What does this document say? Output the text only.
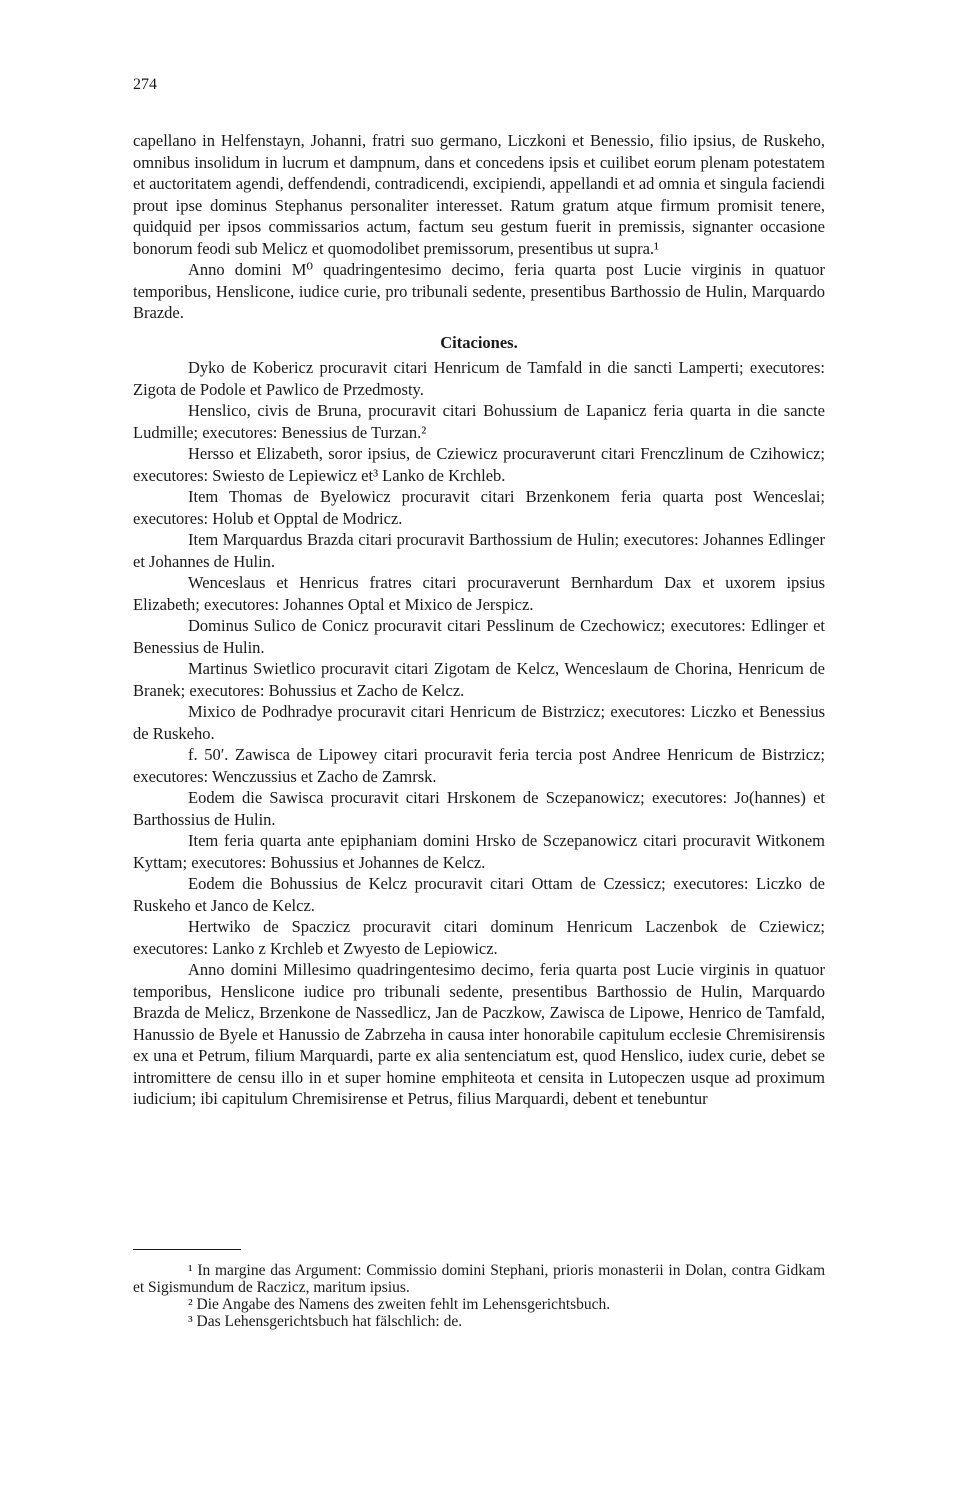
274

capellano in Helfenstayn, Johanni, fratri suo germano, Liczkoni et Benessio, filio ipsius, de Ruskeho, omnibus insolidum in lucrum et dampnum, dans et concedens ipsis et cuilibet eorum plenam potestatem et auctoritatem agendi, deffendendi, contradicendi, excipiendi, appellandi et ad omnia et singula faciendi prout ipse dominus Stephanus personaliter interesset. Ratum gratum atque firmum promisit tenere, quidquid per ipsos commissarios actum, factum seu gestum fuerit in premissis, signanter occasione bonorum feodi sub Melicz et quomodolibet premissorum, presentibus ut supra.¹

Anno domini M⁰ quadringentesimo decimo, feria quarta post Lucie virginis in quatuor temporibus, Henslicone, iudice curie, pro tribunali sedente, presentibus Barthossio de Hulin, Marquardo Brazde.

Citaciones.

Dyko de Kobericz procuravit citari Henricum de Tamfald in die sancti Lamperti; executores: Zigota de Podole et Pawlico de Przedmosty.

Henslico, civis de Bruna, procuravit citari Bohussium de Lapanicz feria quarta in die sancte Ludmille; executores: Benessius de Turzan.²

Hersso et Elizabeth, soror ipsius, de Cziewicz procuraverunt citari Frenczlinum de Czihowicz; executores: Swiesto de Lepiewicz et³ Lanko de Krchleb.

Item Thomas de Byelowicz procuravit citari Brzenkonem feria quarta post Wenceslai; executores: Holub et Opptal de Modricz.

Item Marquardus Brazda citari procuravit Barthossium de Hulin; executores: Johannes Edlinger et Johannes de Hulin.

Wenceslaus et Henricus fratres citari procuraverunt Bernhardum Dax et uxorem ipsius Elizabeth; executores: Johannes Optal et Mixico de Jerspicz.

Dominus Sulico de Conicz procuravit citari Pesslinum de Czechowicz; executores: Edlinger et Benessius de Hulin.

Martinus Swietlico procuravit citari Zigotam de Kelcz, Wenceslaum de Chorina, Henricum de Branek; executores: Bohussius et Zacho de Kelcz.

Mixico de Podhradye procuravit citari Henricum de Bistrzicz; executores: Liczko et Benessius de Ruskeho.

f. 50ʹ. Zawisca de Lipowey citari procuravit feria tercia post Andree Henricum de Bistrzicz; executores: Wenczussius et Zacho de Zamrsk.

Eodem die Sawisca procuravit citari Hrskonem de Sczepanowicz; executores: Jo(hannes) et Barthossius de Hulin.

Item feria quarta ante epiphaniam domini Hrsko de Sczepanowicz citari procuravit Witkonem Kyttam; executores: Bohussius et Johannes de Kelcz.

Eodem die Bohussius de Kelcz procuravit citari Ottam de Czessicz; executores: Liczko de Ruskeho et Janco de Kelcz.

Hertwiko de Spaczicz procuravit citari dominum Henricum Laczenbok de Cziewicz; executores: Lanko z Krchleb et Zwyesto de Lepiowicz.

Anno domini Millesimo quadringentesimo decimo, feria quarta post Lucie virginis in quatuor temporibus, Henslicone iudice pro tribunali sedente, presentibus Barthossio de Hulin, Marquardo Brazda de Melicz, Brzenkone de Nassedlicz, Jan de Paczkow, Zawisca de Lipowe, Henrico de Tamfald, Hanussio de Byele et Hanussio de Zabrzeha in causa inter honorabile capitulum ecclesie Chremisirensis ex una et Petrum, filium Marquardi, parte ex alia sentenciatum est, quod Henslico, iudex curie, debet se intromittere de censu illo in et super homine emphiteota et censita in Lutopeczen usque ad proximum iudicium; ibi capitulum Chremisirense et Petrus, filius Marquardi, debent et tenebuntur

¹ In margine das Argument: Commissio domini Stephani, prioris monasterii in Dolan, contra Gidkam et Sigismundum de Raczicz, maritum ipsius.

² Die Angabe des Namens des zweiten fehlt im Lehensgerichtsbuch.

³ Das Lehensgerichtsbuch hat fälschlich: de.
